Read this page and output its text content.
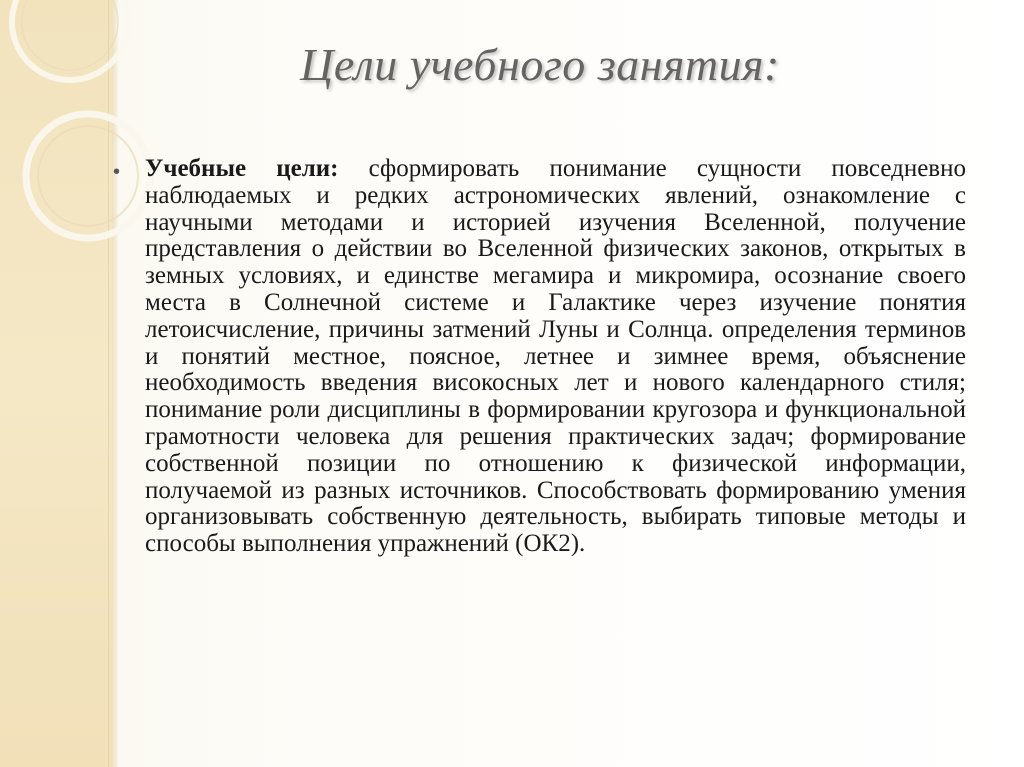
Цели учебного занятия:
• Учебные цели: сформировать понимание сущности повседневно наблюдаемых и редких астрономических явлений, ознакомление с научными методами и историей изучения Вселенной, получение представления о действии во Вселенной физических законов, открытых в земных условиях, и единстве мегамира и микромира, осознание своего места в Солнечной системе и Галактике через изучение понятия летоисчисление, причины затмений Луны и Солнца. определения терминов и понятий местное, поясное, летнее и зимнее время, объяснение необходимость введения високосных лет и нового календарного стиля; понимание роли дисциплины в формировании кругозора и функциональной грамотности человека для решения практических задач; формирование собственной позиции по отношению к физической информации, получаемой из разных источников. Способствовать формированию умения организовывать собственную деятельность, выбирать типовые методы и способы выполнения упражнений (ОК2).
